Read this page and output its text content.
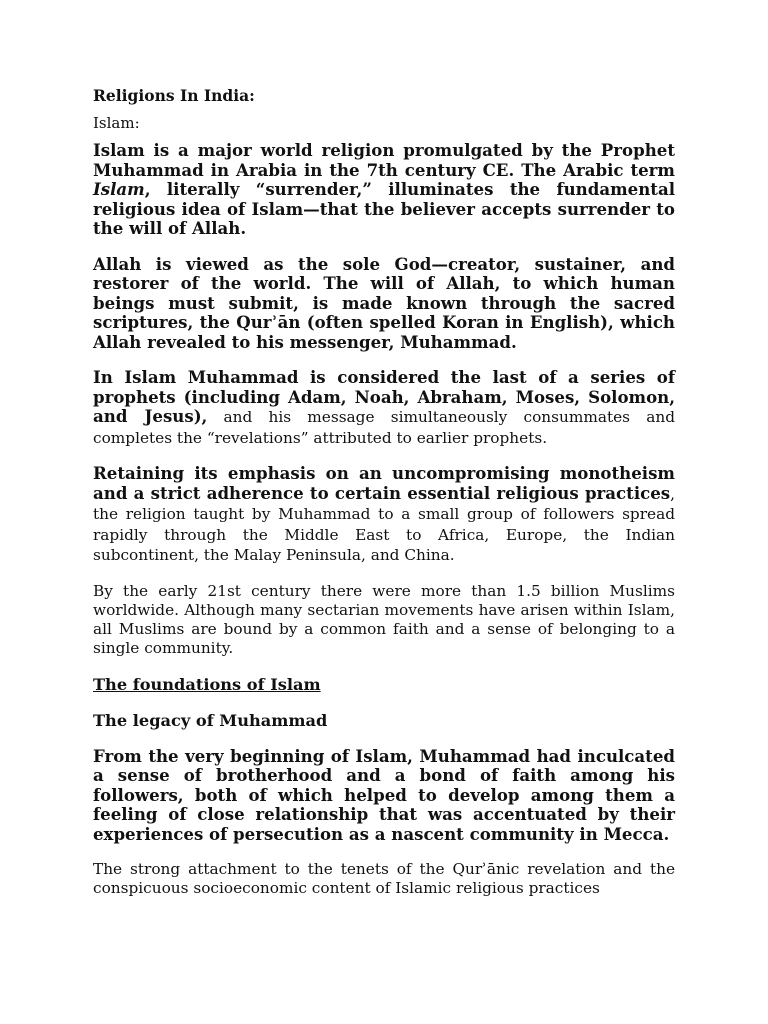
Religions In India:

Islam:

Islam is a major world religion promulgated by the Prophet Muhammad in Arabia in the 7th century CE. The Arabic term Islam, literally “surrender,” illuminates the fundamental religious idea of Islam—that the believer accepts surrender to the will of Allah.

Allah is viewed as the sole God—creator, sustainer, and restorer of the world. The will of Allah, to which human beings must submit, is made known through the sacred scriptures, the Qurʾān (often spelled Koran in English), which Allah revealed to his messenger, Muhammad.

In Islam Muhammad is considered the last of a series of prophets (including Adam, Noah, Abraham, Moses, Solomon, and Jesus), and his message simultaneously consummates and completes the “revelations” attributed to earlier prophets.

Retaining its emphasis on an uncompromising monotheism and a strict adherence to certain essential religious practices, the religion taught by Muhammad to a small group of followers spread rapidly through the Middle East to Africa, Europe, the Indian subcontinent, the Malay Peninsula, and China.

By the early 21st century there were more than 1.5 billion Muslims worldwide. Although many sectarian movements have arisen within Islam, all Muslims are bound by a common faith and a sense of belonging to a single community.

The foundations of Islam

The legacy of Muhammad

From the very beginning of Islam, Muhammad had inculcated a sense of brotherhood and a bond of faith among his followers, both of which helped to develop among them a feeling of close relationship that was accentuated by their experiences of persecution as a nascent community in Mecca.

The strong attachment to the tenets of the Qurʾānic revelation and the conspicuous socioeconomic content of Islamic religious practices
